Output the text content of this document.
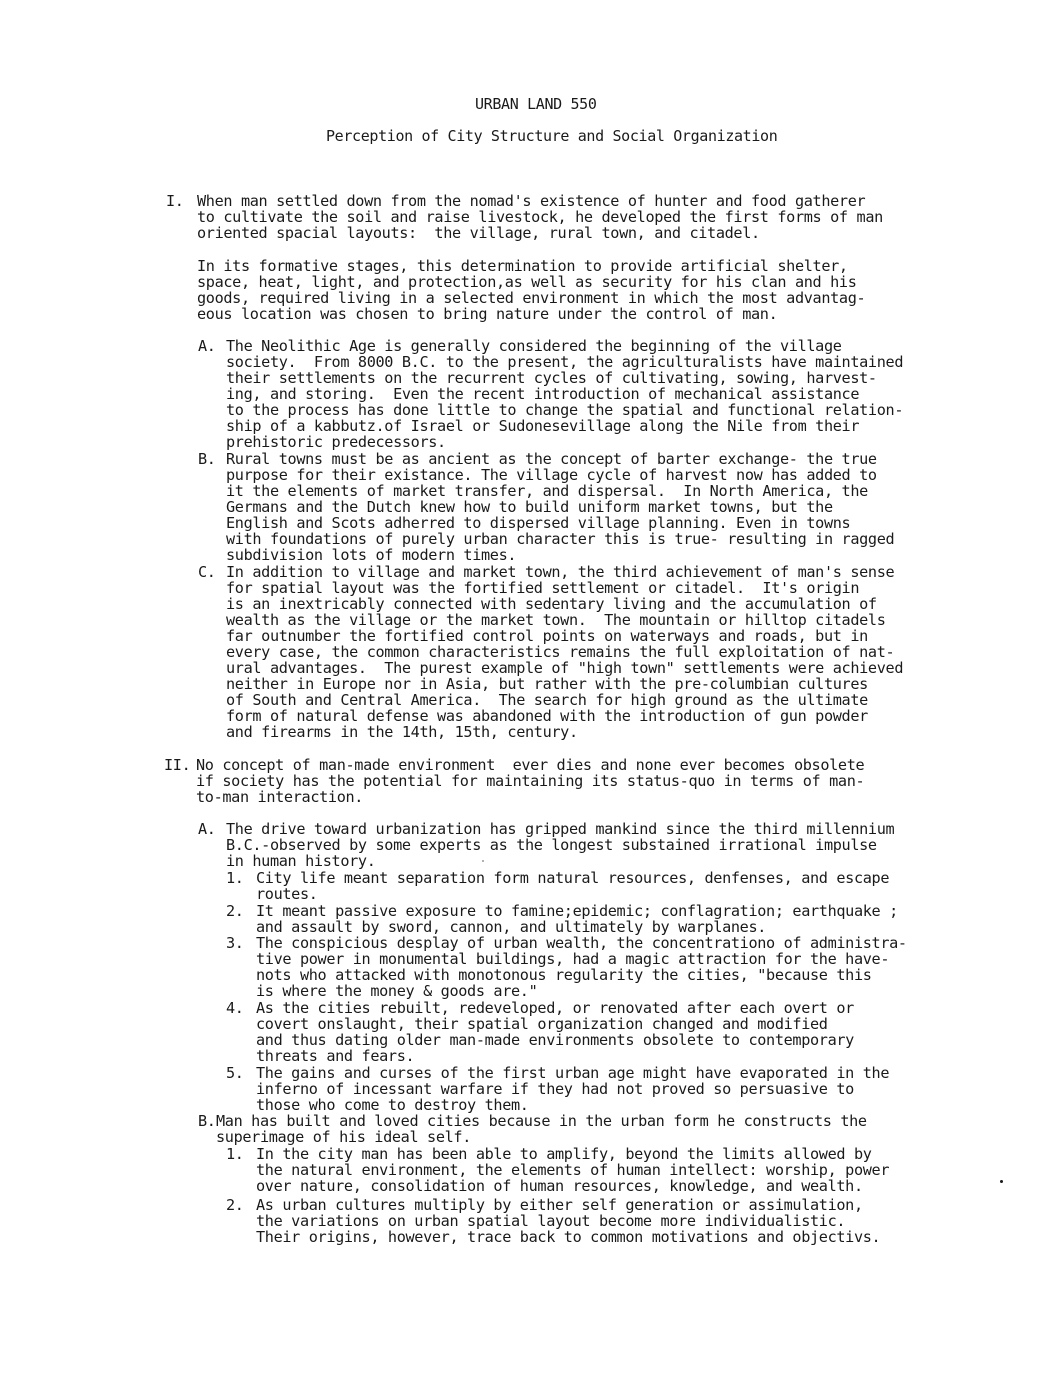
URBAN LAND 550
Perception of City Structure and Social Organization
I. When man settled down from the nomad's existence of hunter and food gatherer
to cultivate the soil and raise livestock, he developed the first forms of man
oriented spacial layouts:  the village, rural town, and citadel.
In its formative stages, this determination to provide artificial shelter,
space, heat, light, and protection,as well as security for his clan and his
goods, required living in a selected environment in which the most advantag-
eous location was chosen to bring nature under the control of man.
A. The Neolithic Age is generally considered the beginning of the village
society.  From 8000 B.C. to the present, the agriculturalists have maintained
their settlements on the recurrent cycles of cultivating, sowing, harvest-
ing, and storing.  Even the recent introduction of mechanical assistance
to the process has done little to change the spatial and functional relation-
ship of a kabbutz.of Israel or Sudonesevillage along the Nile from their
prehistoric predecessors.
B. Rural towns must be as ancient as the concept of barter exchange- the true
purpose for their existance. The village cycle of harvest now has added to
it the elements of market transfer, and dispersal.  In North America, the
Germans and the Dutch knew how to build uniform market towns, but the
English and Scots adherred to dispersed village planning. Even in towns
with foundations of purely urban character this is true- resulting in ragged
subdivision lots of modern times.
C. In addition to village and market town, the third achievement of man's sense
for spatial layout was the fortified settlement or citadel.  It's origin
is an inextricably connected with sedentary living and the accumulation of
wealth as the village or the market town.  The mountain or hilltop citadels
far outnumber the fortified control points on waterways and roads, but in
every case, the common characteristics remains the full exploitation of nat-
ural advantages.  The purest example of "high town" settlements were achieved
neither in Europe nor in Asia, but rather with the pre-columbian cultures
of South and Central America.  The search for high ground as the ultimate
form of natural defense was abandoned with the introduction of gun powder
and firearms in the 14th, 15th, century.
II. No concept of man-made environment  ever dies and none ever becomes obsolete
if society has the potential for maintaining its status-quo in terms of man-
to-man interaction.
A. The drive toward urbanization has gripped mankind since the third millennium
B.C.-observed by some experts as the longest substained irrational impulse
in human history.
1. City life meant separation form natural resources, denfenses, and escape
routes.
2. It meant passive exposure to famine;epidemic; conflagration; earthquake ;
and assault by sword, cannon, and ultimately by warplanes.
3. The conspicious desplay of urban wealth, the concentrationo of administra-
tive power in monumental buildings, had a magic attraction for the have-
nots who attacked with monotonous regularity the cities, "because this
is where the money & goods are."
4. As the cities rebuilt, redeveloped, or renovated after each overt or
covert onslaught, their spatial organization changed and modified
and thus dating older man-made environments obsolete to contemporary
threats and fears.
5. The gains and curses of the first urban age might have evaporated in the
inferno of incessant warfare if they had not proved so persuasive to
those who come to destroy them.
B. Man has built and loved cities because in the urban form he constructs the
superimage of his ideal self.
1. In the city man has been able to amplify, beyond the limits allowed by
the natural environment, the elements of human intellect: worship, power
over nature, consolidation of human resources, knowledge, and wealth.
2. As urban cultures multiply by either self generation or assimulation,
the variations on urban spatial layout become more individualistic.
Their origins, however, trace back to common motivations and objectivs.
